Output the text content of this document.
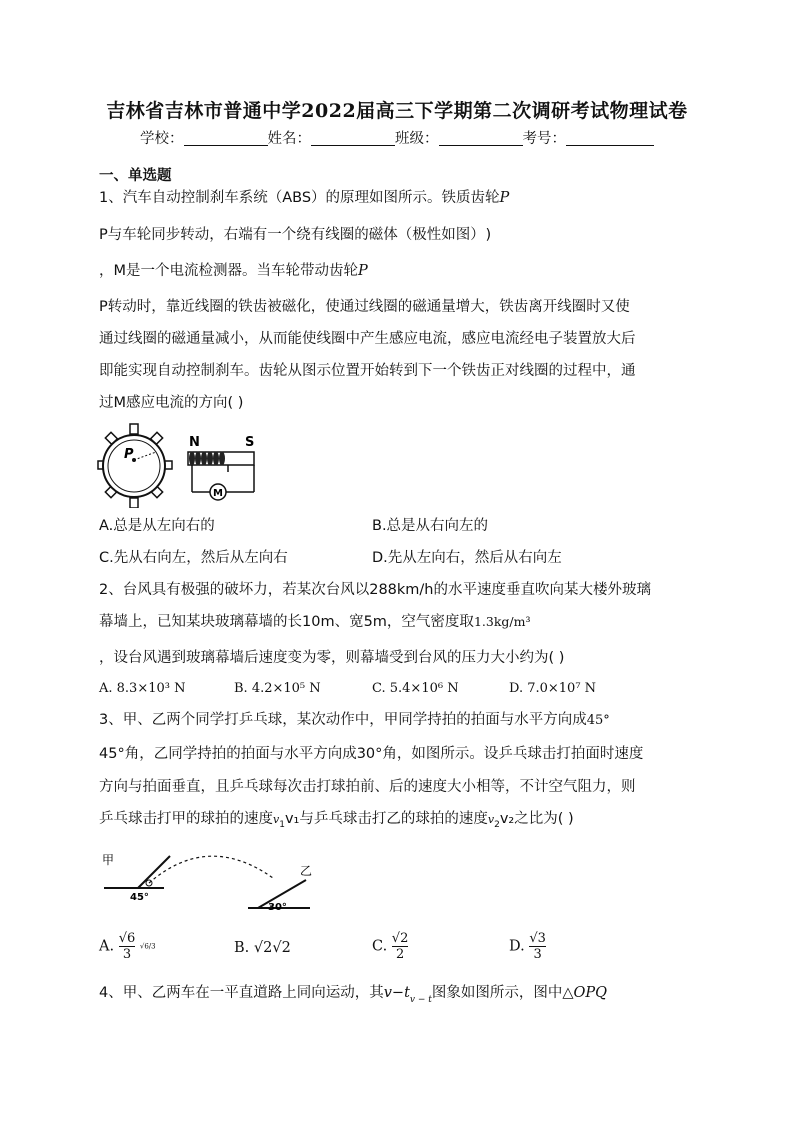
吉林省吉林市普通中学2022届高三下学期第二次调研考试物理试卷
学校：	姓名：	班级：	考号：
一、单选题
1、汽车自动控制刹车系统（ABS）的原理如图所示。铁质齿轮P
P与车轮同步转动，右端有一个绕有线圈的磁体（极性如图） )
，M是一个电流检测器。当车轮带动齿轮P
P转动时，靠近线圈的铁齿被磁化，使通过线圈的磁通量增大，铁齿离开线圈时又使
通过线圈的磁通量减小，从而能使线圈中产生感应电流，感应电流经电子装置放大后
即能实现自动控制刹车。齿轮从图示位置开始转到下一个铁齿正对线圈的过程中，通
过M感应电流的方向( )
P
N	S
M
A.总是从左向右的	B.总是从右向左的
C.先从右向左，然后从左向右	D.先从左向右，然后从右向左
2、台风具有极强的破坏力，若某次台风以288km/h的水平速度垂直吹向某大楼外玻璃
幕墙上，已知某块玻璃幕墙的长10m、宽5m，空气密度取1.3kg/m³
，设台风遇到玻璃幕墙后速度变为零，则幕墙受到台风的压力大小约为( )
A. 8.3×10³ N	B. 4.2×10⁵ N	C. 5.4×10⁶ N	D. 7.0×10⁷ N
3、甲、乙两个同学打乒乓球，某次动作中，甲同学持拍的拍面与水平方向成45°
45°角，乙同学持拍的拍面与水平方向成30°角，如图所示。设乒乓球击打拍面时速度
方向与拍面垂直，且乒乓球每次击打球拍前、后的速度大小相等，不计空气阻力，则
乒乓球击打甲的球拍的速度$v_1v_1$与乒乓球击打乙的球拍的速度$v_2v_2$之比为( )
甲
45°
乙
30°
A. $\frac{√6}{3} √6/3$	B. √2√2	C. $\frac{√2}{2}$	D. $\frac{√3}{3}$
4、甲、乙两车在一平直道路上同向运动，其$v-t_{v - t}$图象如图所示，图中△OPQ
